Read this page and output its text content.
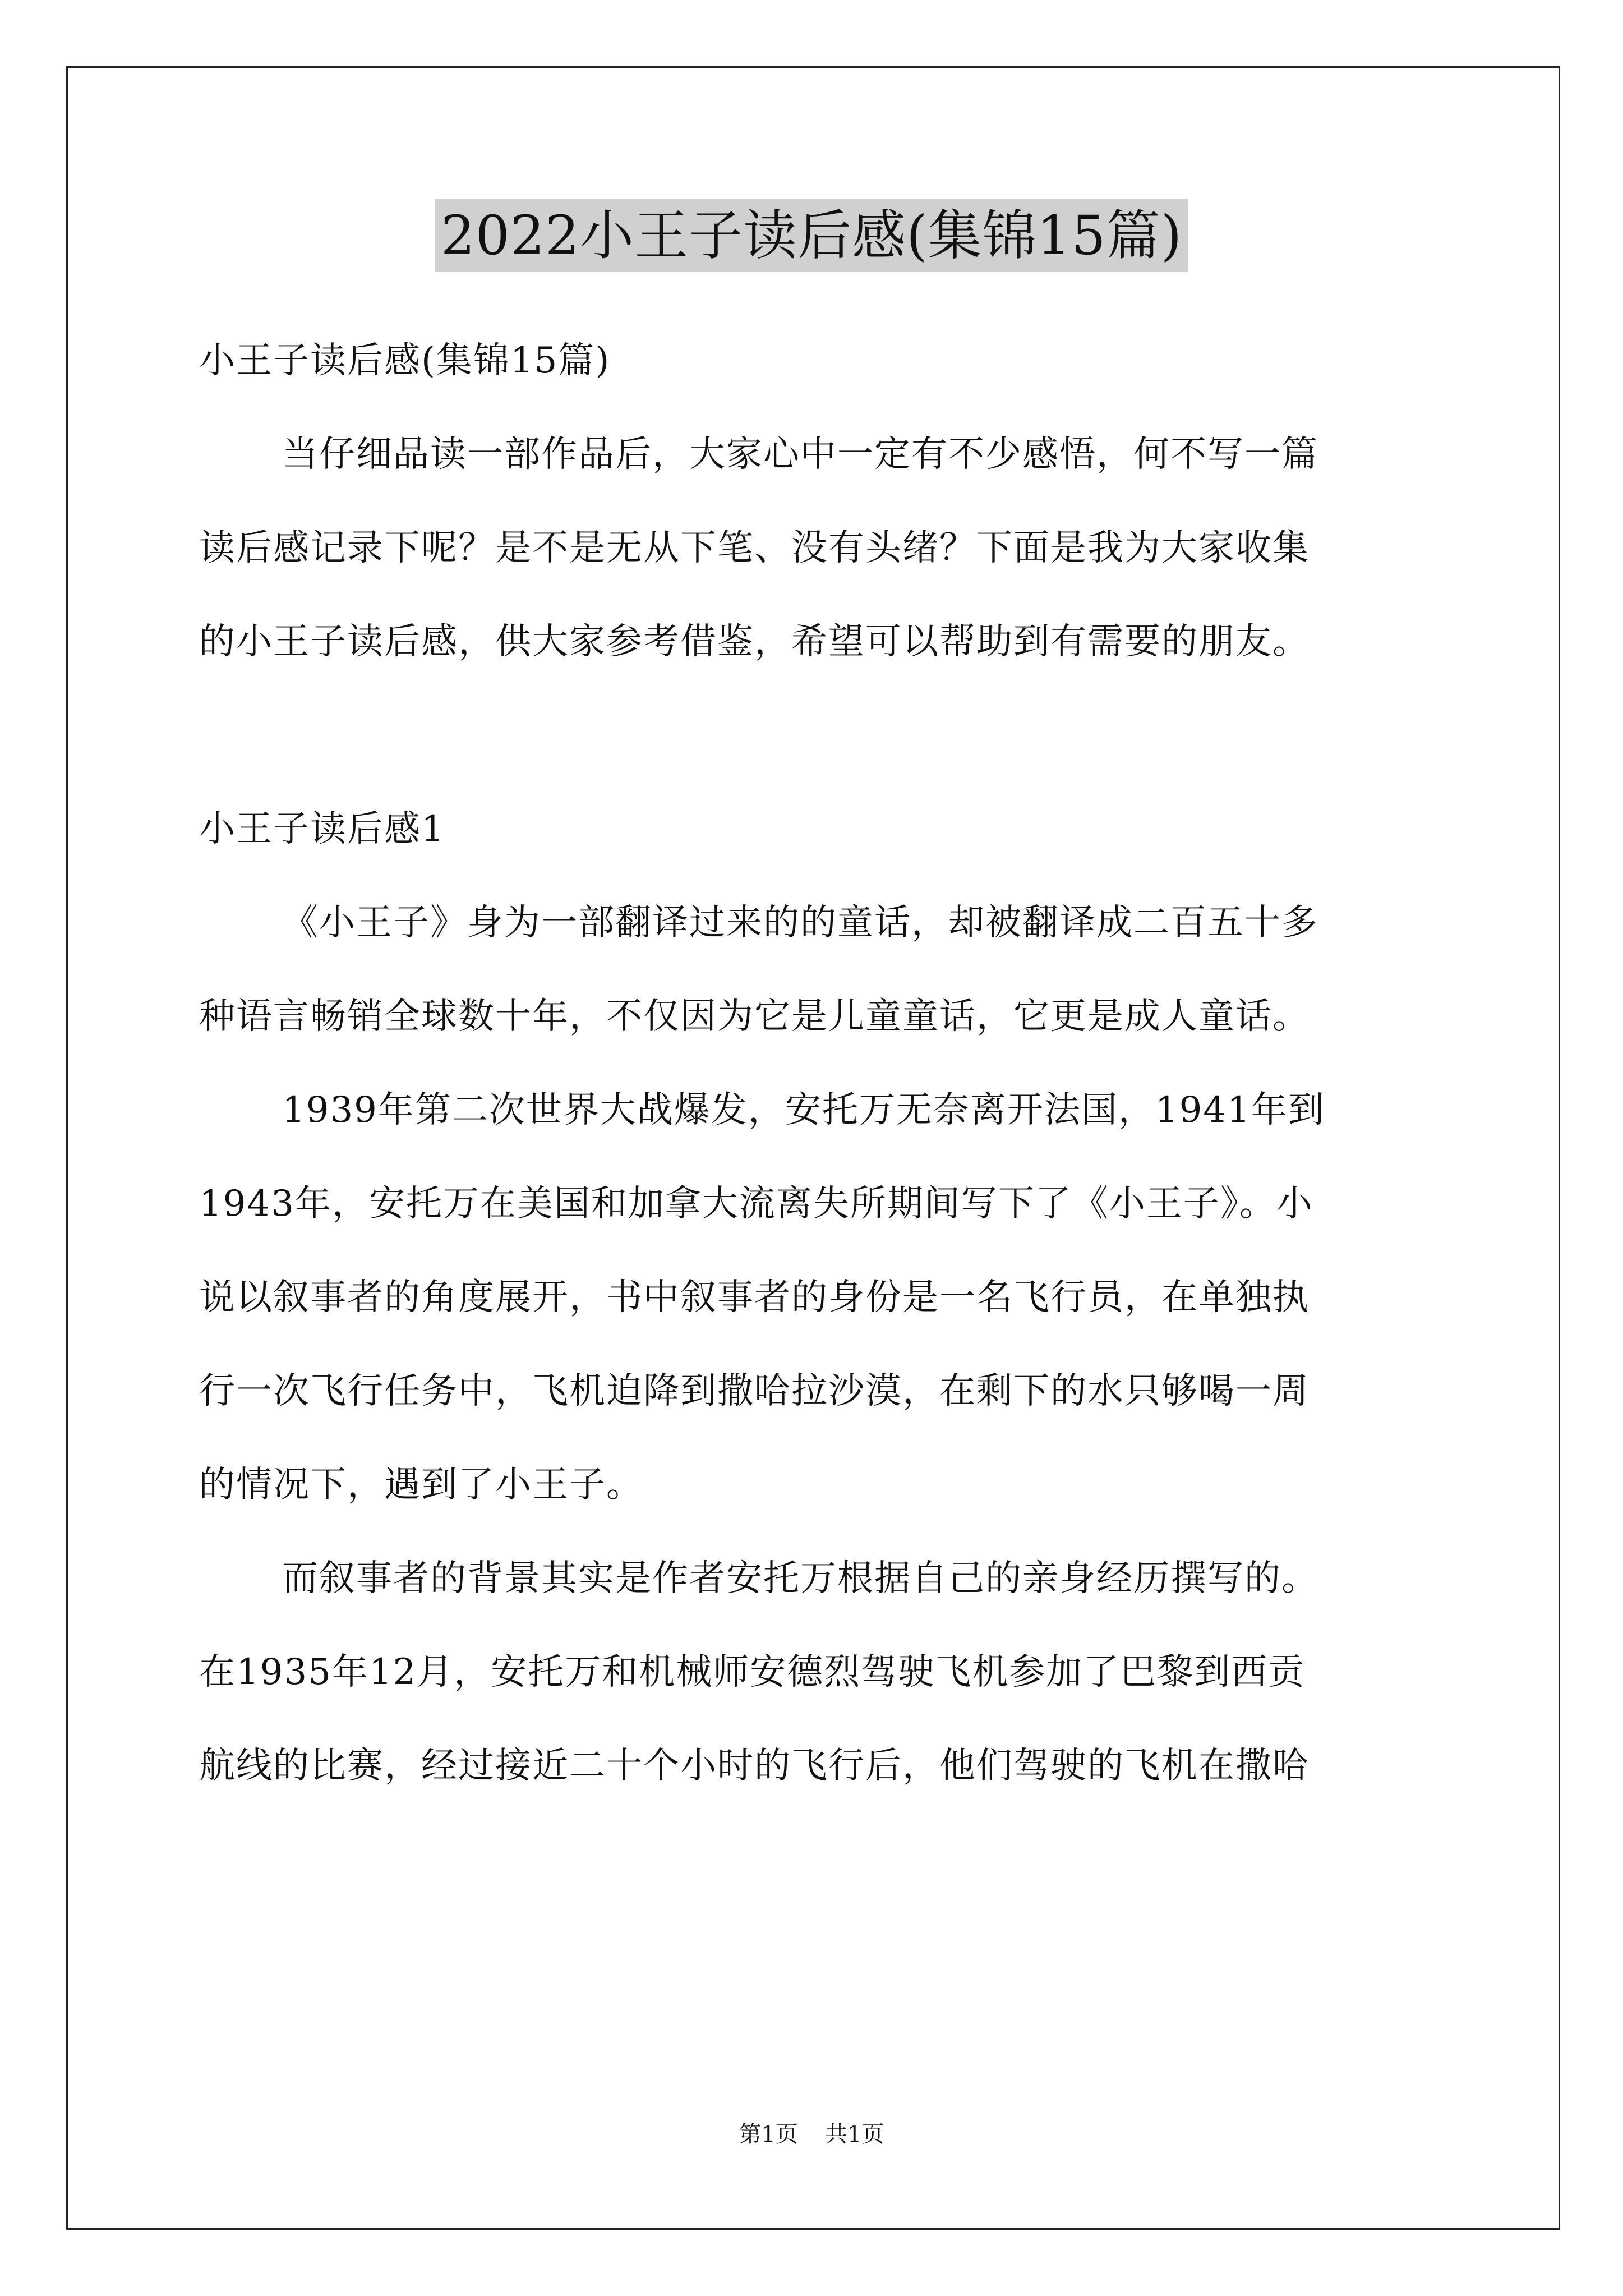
2022小王子读后感(集锦15篇)
小王子读后感(集锦15篇)
当仔细品读一部作品后，大家心中一定有不少感悟，何不写一篇
读后感记录下呢？是不是无从下笔、没有头绪？下面是我为大家收集
的小王子读后感，供大家参考借鉴，希望可以帮助到有需要的朋友。
小王子读后感1
《小王子》身为一部翻译过来的的童话，却被翻译成二百五十多
种语言畅销全球数十年，不仅因为它是儿童童话，它更是成人童话。
1939年第二次世界大战爆发，安托万无奈离开法国，1941年到
1943年，安托万在美国和加拿大流离失所期间写下了《小王子》。小
说以叙事者的角度展开，书中叙事者的身份是一名飞行员，在单独执
行一次飞行任务中，飞机迫降到撒哈拉沙漠，在剩下的水只够喝一周
的情况下，遇到了小王子。
而叙事者的背景其实是作者安托万根据自己的亲身经历撰写的。
在1935年12月，安托万和机械师安德烈驾驶飞机参加了巴黎到西贡
航线的比赛，经过接近二十个小时的飞行后，他们驾驶的飞机在撒哈
第1页 共1页
